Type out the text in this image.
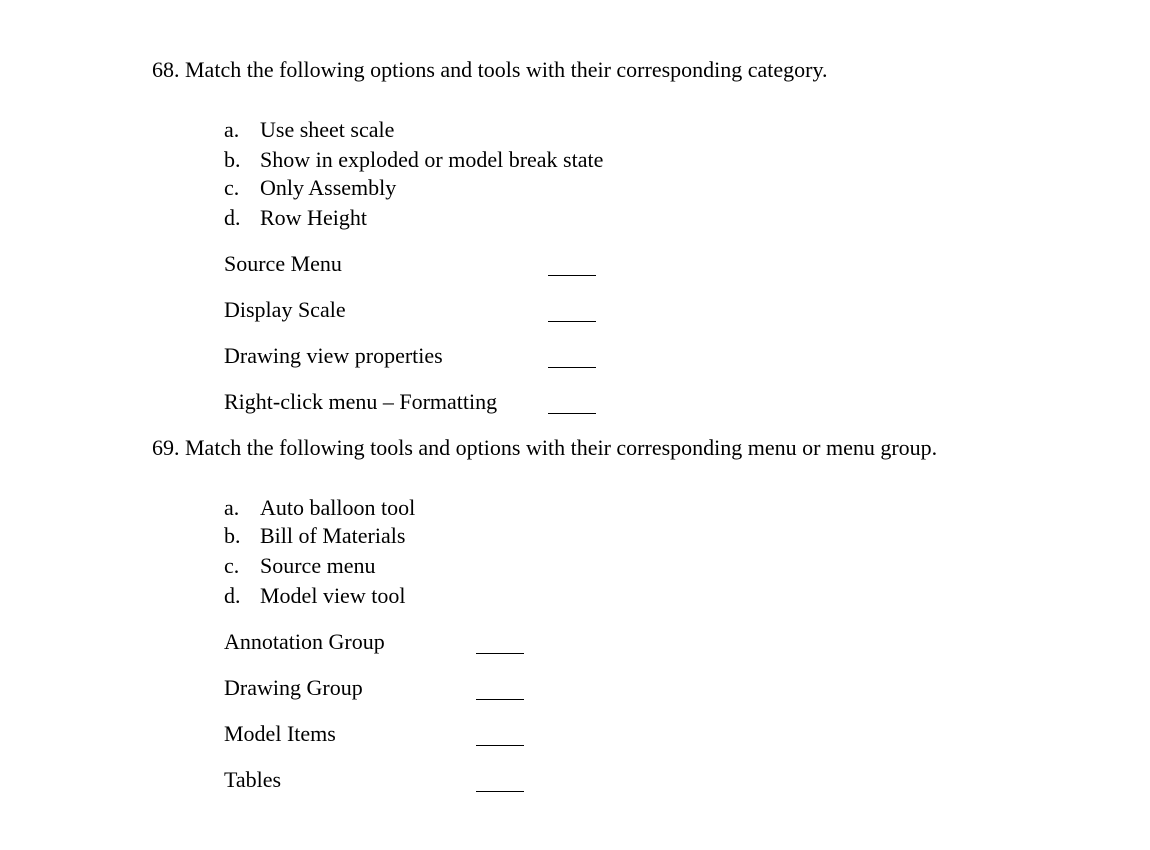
68. Match the following options and tools with their corresponding category.
a. Use sheet scale
b. Show in exploded or model break state
c. Only Assembly
d. Row Height
Source Menu
Display Scale
Drawing view properties
Right-click menu – Formatting
69. Match the following tools and options with their corresponding menu or menu group.
a. Auto balloon tool
b. Bill of Materials
c. Source menu
d. Model view tool
Annotation Group
Drawing Group
Model Items
Tables
